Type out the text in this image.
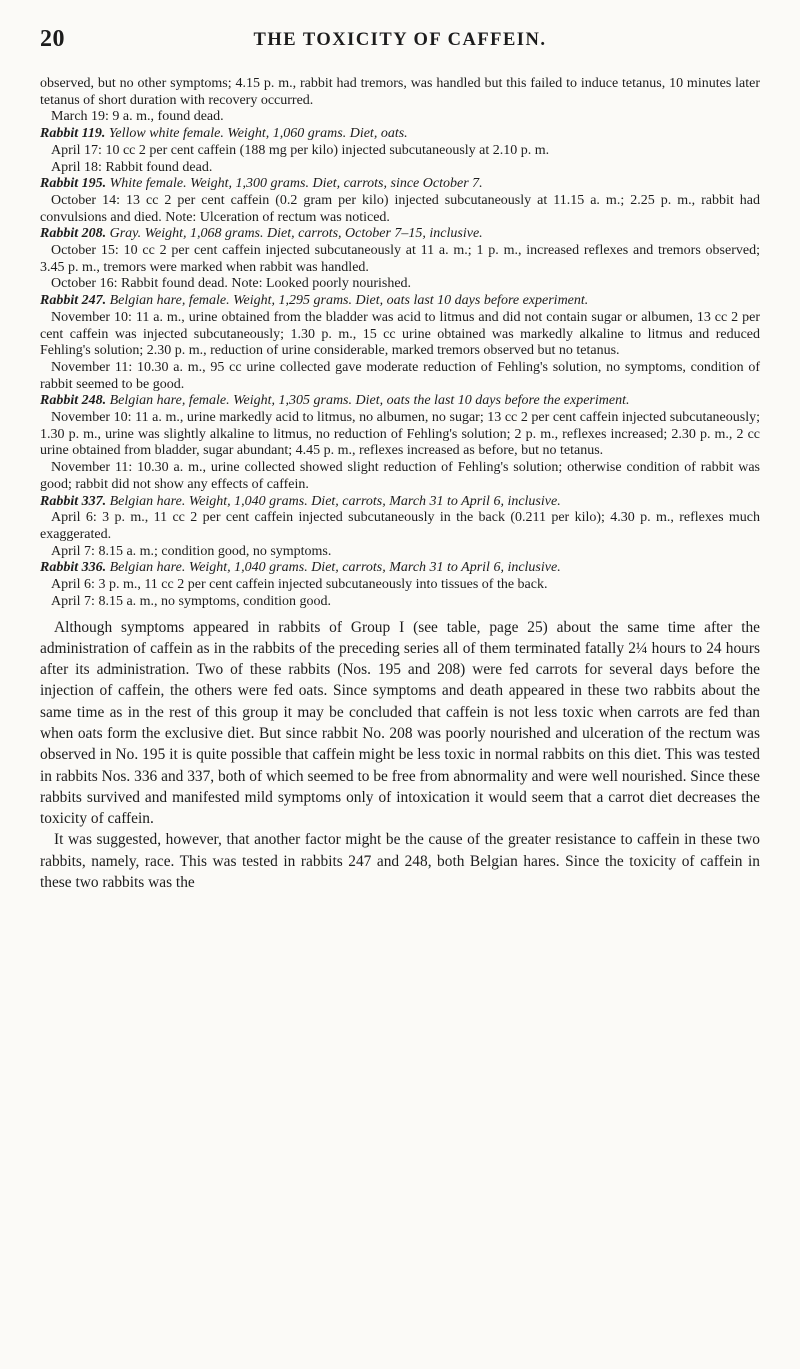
20	THE TOXICITY OF CAFFEIN.

observed, but no other symptoms; 4.15 p. m., rabbit had tremors, was handled but this failed to induce tetanus, 10 minutes later tetanus of short duration with recovery occurred.

March 19: 9 a. m., found dead.

Rabbit 119. Yellow white female. Weight, 1,060 grams. Diet, oats.

April 17: 10 cc 2 per cent caffein (188 mg per kilo) injected subcutaneously at 2.10 p. m.

April 18: Rabbit found dead.

Rabbit 195. White female. Weight, 1,300 grams. Diet, carrots, since October 7.

October 14: 13 cc 2 per cent caffein (0.2 gram per kilo) injected subcutaneously at 11.15 a. m.; 2.25 p. m., rabbit had convulsions and died. Note: Ulceration of rectum was noticed.

Rabbit 208. Gray. Weight, 1,068 grams. Diet, carrots, October 7–15, inclusive.

October 15: 10 cc 2 per cent caffein injected subcutaneously at 11 a. m.; 1 p. m., increased reflexes and tremors observed; 3.45 p. m., tremors were marked when rabbit was handled.

October 16: Rabbit found dead. Note: Looked poorly nourished.

Rabbit 247. Belgian hare, female. Weight, 1,295 grams. Diet, oats last 10 days before experiment.

November 10: 11 a. m., urine obtained from the bladder was acid to litmus and did not contain sugar or albumen, 13 cc 2 per cent caffein was injected subcutaneously; 1.30 p. m., 15 cc urine obtained was markedly alkaline to litmus and reduced Fehling's solution; 2.30 p. m., reduction of urine considerable, marked tremors observed but no tetanus.

November 11: 10.30 a. m., 95 cc urine collected gave moderate reduction of Fehling's solution, no symptoms, condition of rabbit seemed to be good.

Rabbit 248. Belgian hare, female. Weight, 1,305 grams. Diet, oats the last 10 days before the experiment.

November 10: 11 a. m., urine markedly acid to litmus, no albumen, no sugar; 13 cc 2 per cent caffein injected subcutaneously; 1.30 p. m., urine was slightly alkaline to litmus, no reduction of Fehling's solution; 2 p. m., reflexes increased; 2.30 p. m., 2 cc urine obtained from bladder, sugar abundant; 4.45 p. m., reflexes increased as before, but no tetanus.

November 11: 10.30 a. m., urine collected showed slight reduction of Fehling's solution; otherwise condition of rabbit was good; rabbit did not show any effects of caffein.

Rabbit 337. Belgian hare. Weight, 1,040 grams. Diet, carrots, March 31 to April 6, inclusive.

April 6: 3 p. m., 11 cc 2 per cent caffein injected subcutaneously in the back (0.211 per kilo); 4.30 p. m., reflexes much exaggerated.

April 7: 8.15 a. m.; condition good, no symptoms.

Rabbit 336. Belgian hare. Weight, 1,040 grams. Diet, carrots, March 31 to April 6, inclusive.

April 6: 3 p. m., 11 cc 2 per cent caffein injected subcutaneously into tissues of the back.

April 7: 8.15 a. m., no symptoms, condition good.

Although symptoms appeared in rabbits of Group I (see table, page 25) about the same time after the administration of caffein as in the rabbits of the preceding series all of them terminated fatally 2¼ hours to 24 hours after its administration. Two of these rabbits (Nos. 195 and 208) were fed carrots for several days before the injection of caffein, the others were fed oats. Since symptoms and death appeared in these two rabbits about the same time as in the rest of this group it may be concluded that caffein is not less toxic when carrots are fed than when oats form the exclusive diet. But since rabbit No. 208 was poorly nourished and ulceration of the rectum was observed in No. 195 it is quite possible that caffein might be less toxic in normal rabbits on this diet. This was tested in rabbits Nos. 336 and 337, both of which seemed to be free from abnormality and were well nourished. Since these rabbits survived and manifested mild symptoms only of intoxication it would seem that a carrot diet decreases the toxicity of caffein.

It was suggested, however, that another factor might be the cause of the greater resistance to caffein in these two rabbits, namely, race. This was tested in rabbits 247 and 248, both Belgian hares. Since the toxicity of caffein in these two rabbits was the
